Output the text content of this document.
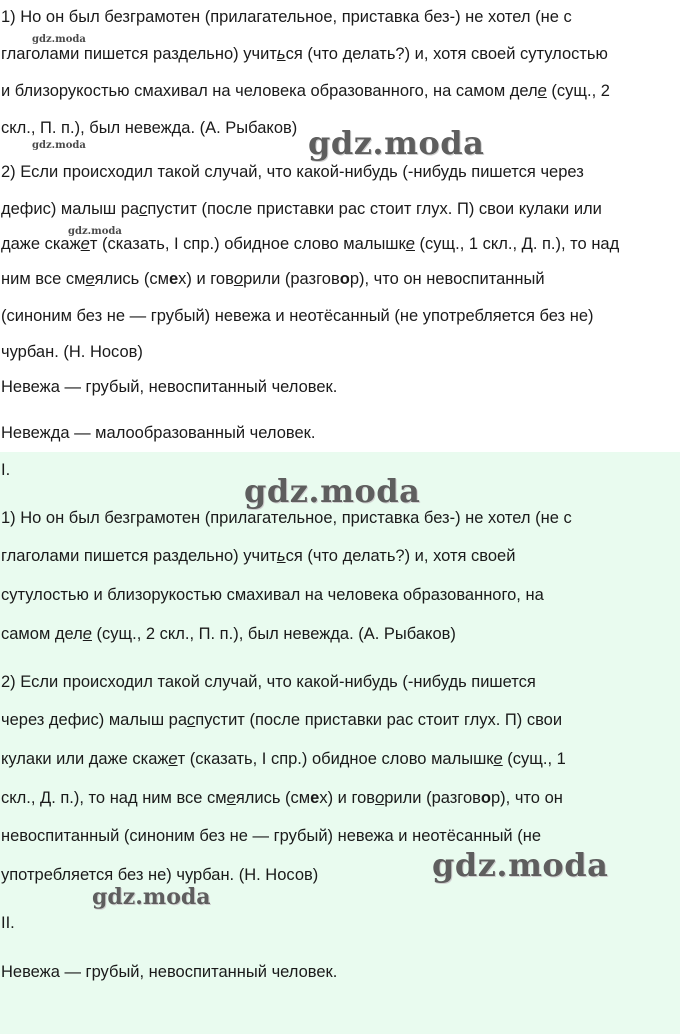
1) Но он был безграмотен (прилагательное, приставка без-) не хотел (не с

глаголами пишется раздельно) учиться (что делать?) и, хотя своей сутулостью

и близорукостью смахивал на человека образованного, на самом деле (сущ., 2

скл., П. п.), был невежда. (А. Рыбаков)

2) Если происходил такой случай, что какой-нибудь (-нибудь пишется через

дефис) малыш распустит (после приставки рас стоит глух. П) свои кулаки или

даже скажет (сказать, I спр.) обидное слово малышке (сущ., 1 скл., Д. п.), то над

ним все смеялись (смех) и говорили (разговор), что он невоспитанный

(синоним без не — грубый) невежа и неотёсанный (не употребляется без не)

чурбан. (Н. Носов)

Невежа — грубый, невоспитанный человек.

Невежда — малообразованный человек.

I.

1) Но он был безграмотен (прилагательное, приставка без-) не хотел (не с

глаголами пишется раздельно) учиться (что делать?) и, хотя своей

сутулостью и близорукостью смахивал на человека образованного, на

самом деле (сущ., 2 скл., П. п.), был невежда. (А. Рыбаков)

2) Если происходил такой случай, что какой-нибудь (-нибудь пишется

через дефис) малыш распустит (после приставки рас стоит глух. П) свои

кулаки или даже скажет (сказать, I спр.) обидное слово малышке (сущ., 1

скл., Д. п.), то над ним все смеялись (смех) и говорили (разговор), что он

невоспитанный (синоним без не — грубый) невежа и неотёсанный (не

употребляется без не) чурбан. (Н. Носов)

II.

Невежа — грубый, невоспитанный человек.

gdz.moda
gdz.moda
gdz.moda
gdz.moda
gdz.moda
gdz.moda
gdz.moda
